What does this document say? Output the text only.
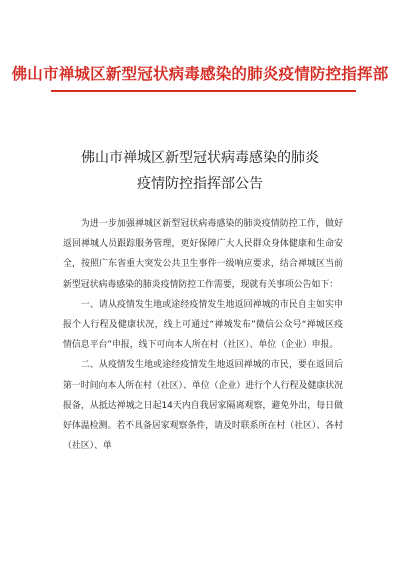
佛山市禅城区新型冠状病毒感染的肺炎疫情防控指挥部
佛山市禅城区新型冠状病毒感染的肺炎
疫情防控指挥部公告

为进一步加强禅城区新型冠状病毒感染的肺炎疫情防控工作，做好返回禅城人员跟踪服务管理，更好保障广大人民群众身体健康和生命安全，按照广东省重大突发公共卫生事件一级响应要求，结合禅城区当前新型冠状病毒感染的肺炎疫情防控工作需要，现就有关事项公告如下：

一、请从疫情发生地或途经疫情发生地返回禅城的市民自主如实申报个人行程及健康状况，线上可通过“禅城发布”微信公众号“禅城区疫情信息平台”申报，线下可向本人所在村（社区）、单位（企业）申报。

二、从疫情发生地或途经疫情发生地返回禅城的市民，要在返回后第一时间向本人所在村（社区）、单位（企业）进行个人行程及健康状况报备，从抵达禅城之日起14天内自我居家隔离观察，避免外出，每日做好体温检测。若不具备居家观察条件，请及时联系所在村（社区）、各村（社区）、单
